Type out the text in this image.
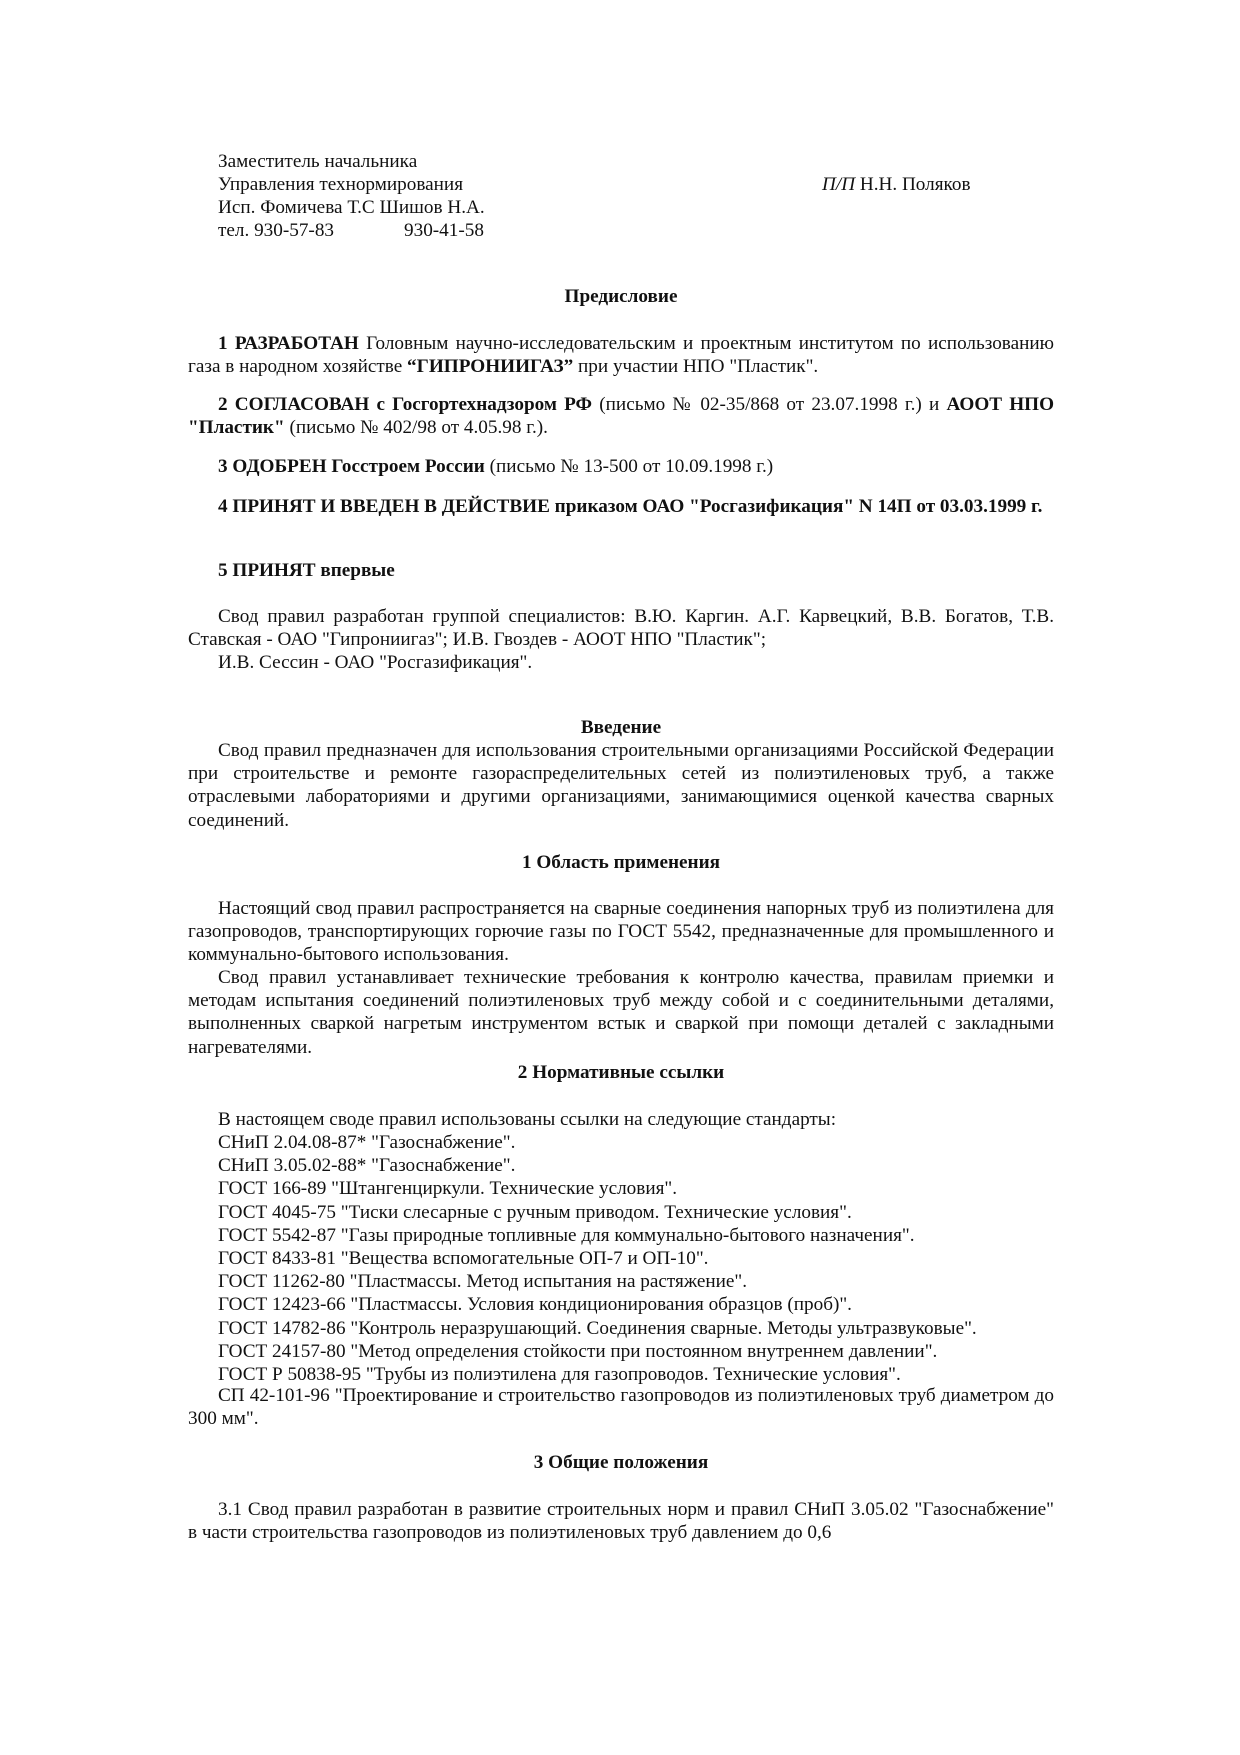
Заместитель начальника
Управления технормирования
Исп. Фомичева Т.С Шишов Н.А.
тел. 930-57-83	930-41-58
П/П Н.Н. Поляков
Предисловие
1 РАЗРАБОТАН Головным научно-исследовательским и проектным институтом по использованию газа в народном хозяйстве “ГИПРОНИИГАЗ” при участии НПО "Пластик".
2 СОГЛАСОВАН с Госгортехнадзором РФ (письмо № 02-35/868 от 23.07.1998 г.) и АООТ НПО "Пластик" (письмо № 402/98 от 4.05.98 г.).
3 ОДОБРЕН Госстроем России (письмо № 13-500 от 10.09.1998 г.)
4 ПРИНЯТ И ВВЕДЕН В ДЕЙСТВИЕ приказом ОАО "Росгазификация" N 14П от 03.03.1999 г.
5 ПРИНЯТ впервые
Свод правил разработан группой специалистов: В.Ю. Каргин. А.Г. Карвецкий, В.В. Богатов, Т.В. Ставская - ОАО "Гипрониигаз"; И.В. Гвоздев - АООТ НПО "Пластик";
И.В. Сессин - ОАО "Росгазификация".
Введение
Свод правил предназначен для использования строительными организациями Российской Федерации при строительстве и ремонте газораспределительных сетей из полиэтиленовых труб, а также отраслевыми лабораториями и другими организациями, занимающимися оценкой качества сварных соединений.
1 Область применения
Настоящий свод правил распространяется на сварные соединения напорных труб из полиэтилена для газопроводов, транспортирующих горючие газы по ГОСТ 5542, предназначенные для промышленного и коммунально-бытового использования.
Свод правил устанавливает технические требования к контролю качества, правилам приемки и методам испытания соединений полиэтиленовых труб между собой и с соединительными деталями, выполненных сваркой нагретым инструментом встык и сваркой при помощи деталей с закладными нагревателями.
2 Нормативные ссылки
В настоящем своде правил использованы ссылки на следующие стандарты:
СНиП 2.04.08-87* "Газоснабжение".
СНиП 3.05.02-88* "Газоснабжение".
ГОСТ 166-89 "Штангенциркули. Технические условия".
ГОСТ 4045-75 "Тиски слесарные с ручным приводом. Технические условия".
ГОСТ 5542-87 "Газы природные топливные для коммунально-бытового назначения".
ГОСТ 8433-81 "Вещества вспомогательные ОП-7 и ОП-10".
ГОСТ 11262-80 "Пластмассы. Метод испытания на растяжение".
ГОСТ 12423-66 "Пластмассы. Условия кондиционирования образцов (проб)".
ГОСТ 14782-86 "Контроль неразрушающий. Соединения сварные. Методы ультразвуковые".
ГОСТ 24157-80 "Метод определения стойкости при постоянном внутреннем давлении".
ГОСТ Р 50838-95 "Трубы из полиэтилена для газопроводов. Технические условия".
СП 42-101-96 "Проектирование и строительство газопроводов из полиэтиленовых труб диаметром до 300 мм".
3 Общие положения
3.1 Свод правил разработан в развитие строительных норм и правил СНиП 3.05.02 "Газоснабжение" в части строительства газопроводов из полиэтиленовых труб давлением до 0,6
